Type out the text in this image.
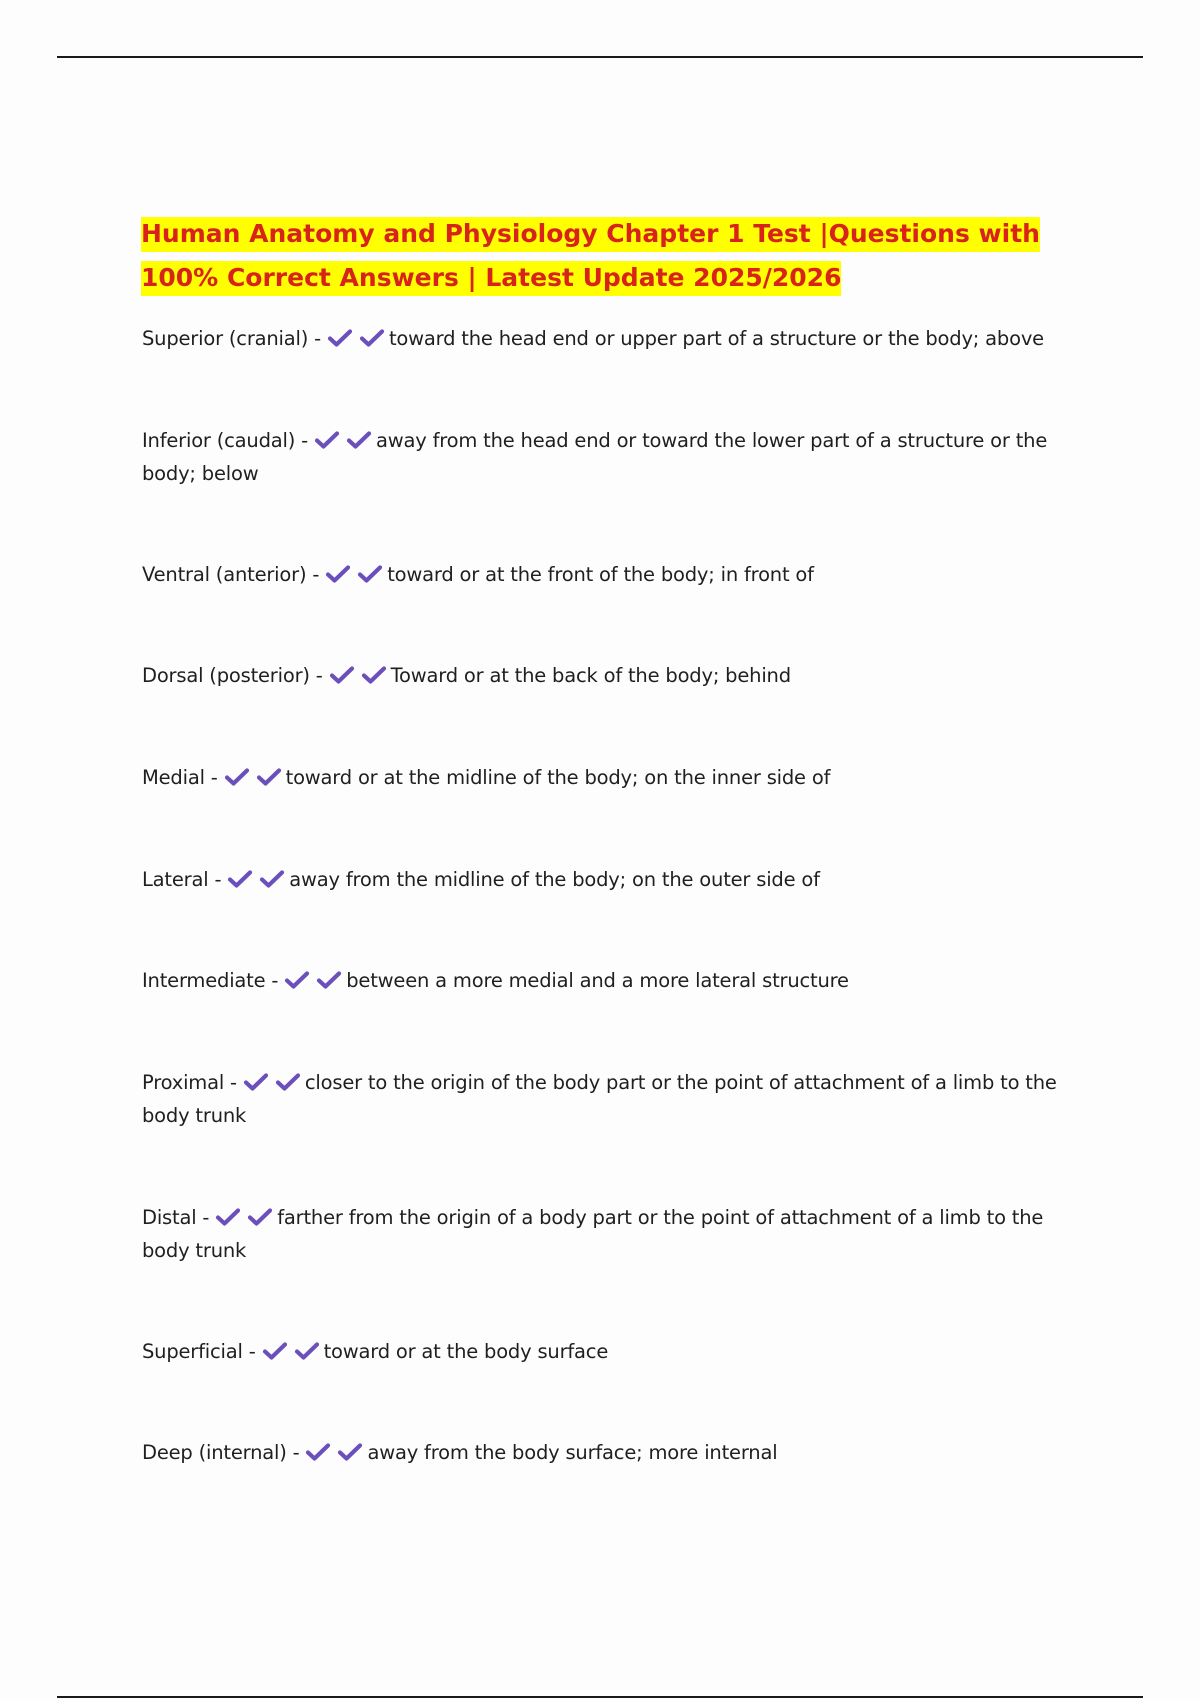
Human Anatomy and Physiology Chapter 1 Test |Questions with 100% Correct Answers | Latest Update 2025/2026
Superior (cranial) -	toward the head end or upper part of a structure or the body; above
Inferior (caudal) -	away from the head end or toward the lower part of a structure or the body; below
Ventral (anterior) -	toward or at the front of the body; in front of
Dorsal (posterior) -	Toward or at the back of the body; behind
Medial -	toward or at the midline of the body; on the inner side of
Lateral -	away from the midline of the body; on the outer side of
Intermediate -	between a more medial and a more lateral structure
Proximal -	closer to the origin of the body part or the point of attachment of a limb to the body trunk
Distal -	farther from the origin of a body part or the point of attachment of a limb to the body trunk
Superficial -	toward or at the body surface
Deep (internal) -	away from the body surface; more internal
